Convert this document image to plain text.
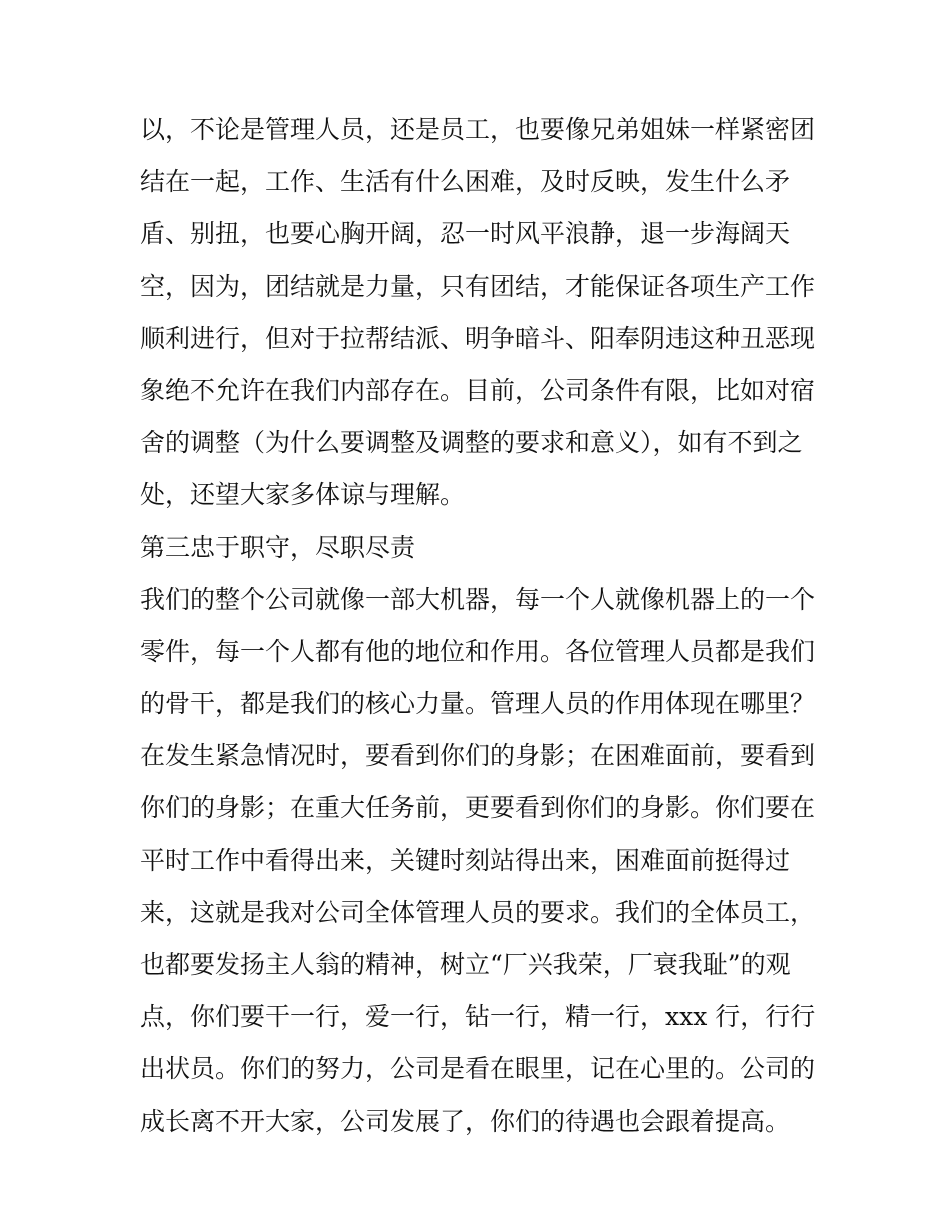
以，不论是管理人员，还是员工，也要像兄弟姐妹一样紧密团
结在一起，工作、生活有什么困难，及时反映，发生什么矛
盾、别扭，也要心胸开阔，忍一时风平浪静，退一步海阔天
空，因为，团结就是力量，只有团结，才能保证各项生产工作
顺利进行，但对于拉帮结派、明争暗斗、阳奉阴违这种丑恶现
象绝不允许在我们内部存在。目前，公司条件有限，比如对宿
舍的调整（为什么要调整及调整的要求和意义），如有不到之
处，还望大家多体谅与理解。
第三忠于职守，尽职尽责
我们的整个公司就像一部大机器，每一个人就像机器上的一个
零件，每一个人都有他的地位和作用。各位管理人员都是我们
的骨干，都是我们的核心力量。管理人员的作用体现在哪里？
在发生紧急情况时，要看到你们的身影；在困难面前，要看到
你们的身影；在重大任务前，更要看到你们的身影。你们要在
平时工作中看得出来，关键时刻站得出来，困难面前挺得过
来，这就是我对公司全体管理人员的要求。我们的全体员工，
也都要发扬主人翁的精神，树立“厂兴我荣，厂衰我耻”的观
点，你们要干一行，爱一行，钻一行，精一行，xxx 行，行行
出状员。你们的努力，公司是看在眼里，记在心里的。公司的
成长离不开大家，公司发展了，你们的待遇也会跟着提高。
